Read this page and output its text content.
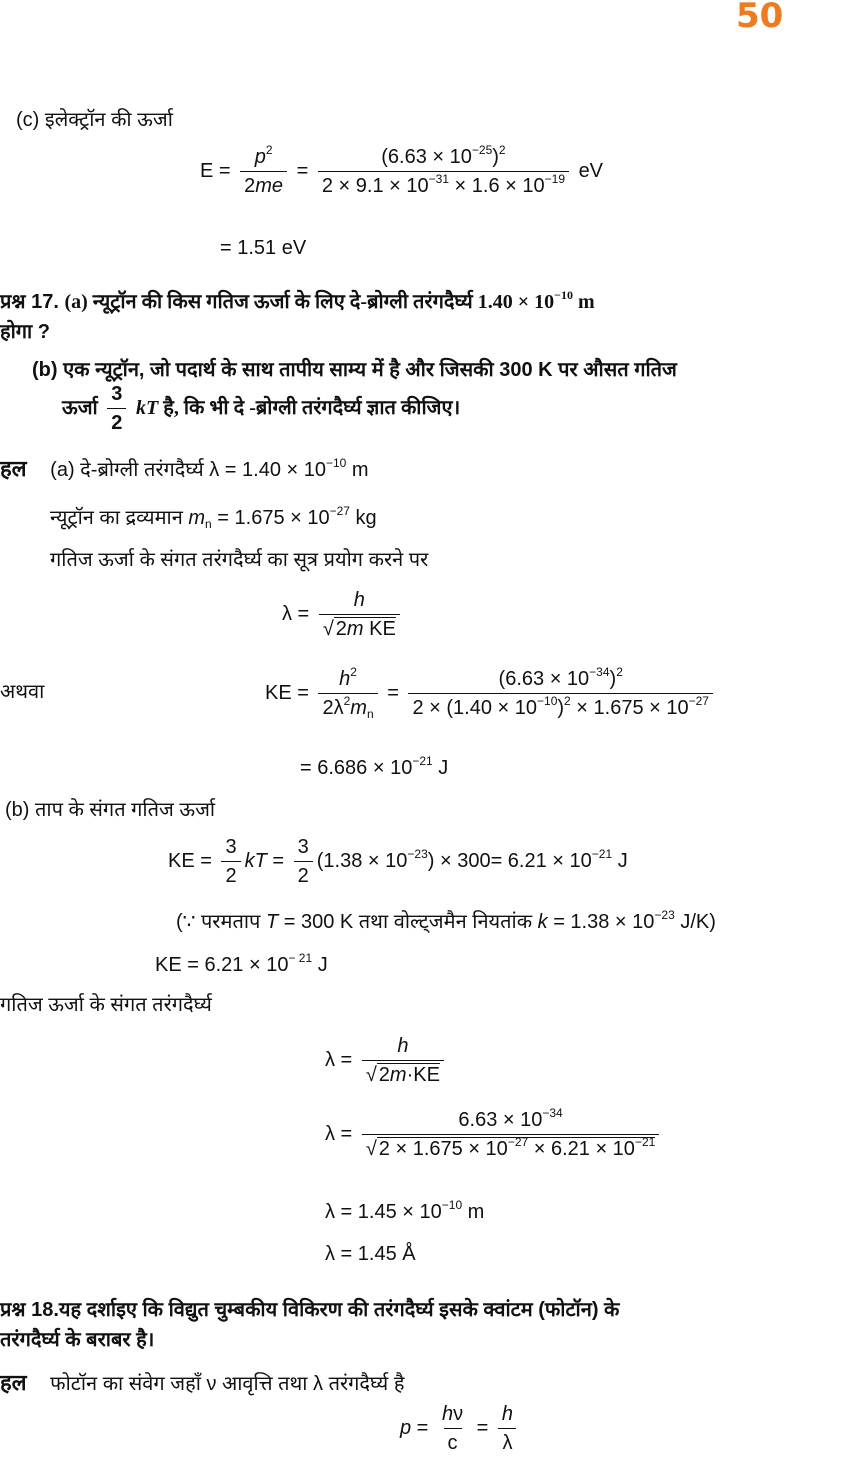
50
(c) इलेक्ट्रॉन की ऊर्जा
$E = \frac{p^2}{2me} = \frac{(6.63 \times 10^{-25})^2}{2 \times 9.1 \times 10^{-31} \times 1.6 \times 10^{-19}}$ eV
= 1.51 eV
प्रश्न 17. (a) न्यूट्रॉन की किस गतिज ऊर्जा के लिए दे-ब्रोग्ली तरंगदैर्घ्य $1.40 \times 10^{-10}$ m
होगा ?
(b) एक न्यूट्रॉन, जो पदार्थ के साथ तापीय साम्य में है और जिसकी 300 K पर औसत गतिज
ऊर्जा $\frac{3}{2}$ kT है, कि भी दे -ब्रोग्ली तरंगदैर्घ्य ज्ञात कीजिए।
हल (a) दे-ब्रोग्ली तरंगदैर्घ्य $\lambda = 1.40 \times 10^{-10}$ m
न्यूट्रॉन का द्रव्यमान $m_n = 1.675 \times 10^{-27}$ kg
गतिज ऊर्जा के संगत तरंगदैर्घ्य का सूत्र प्रयोग करने पर
$\lambda = \frac{h}{\text{√ 2m KE}}$
अथवा	KE = $\frac{h^2}{2\lambda^2m_n} = \frac{(6.63 \times 10^{-34})^2}{2 \times (1.40 \times 10^{-10})^2 \times 1.675 \times 10^{-27}}$
= $6.686 \times 10^{-21}$ J
(b) ताप के संगत गतिज ऊर्जा
KE = $\frac{3}{2}$ kT = $\frac{3}{2} (1.38 \times 10^{-23}) \times 300= 6.21 \times 10^{-21}$ J
(∵ परमताप T = 300 K तथा वोल्ट्जमैन नियतांक $k = 1.38 \times 10^{-23}$ J/K)
KE = $6.21 \times 10^{- 21}$ J
गतिज ऊर्जा के संगत तरंगदैर्घ्य
$\lambda = \frac{h}{√ 2m\cdot KE}$
$\lambda = \frac{6.63 \times 10^{-34}}{√ 2 \times 1.675 \times 10^{-27} \times 6.21 \times 10^{-21}}$
$\lambda = 1.45 \times 10^{-10}$ m
λ = 1.45 Å
प्रश्न 18.यह दर्शाइए कि विद्युत चुम्बकीय विकिरण की तरंगदैर्घ्य इसके क्वांटम (फोटॉन) के
तरंगदैर्घ्य के बराबर है।
हल फोटॉन का संवेग जहाँ ν आवृत्ति तथा λ तरंगदैर्घ्य है
$p = \frac{h\nu}{c} = \frac{h}{\lambda}$
